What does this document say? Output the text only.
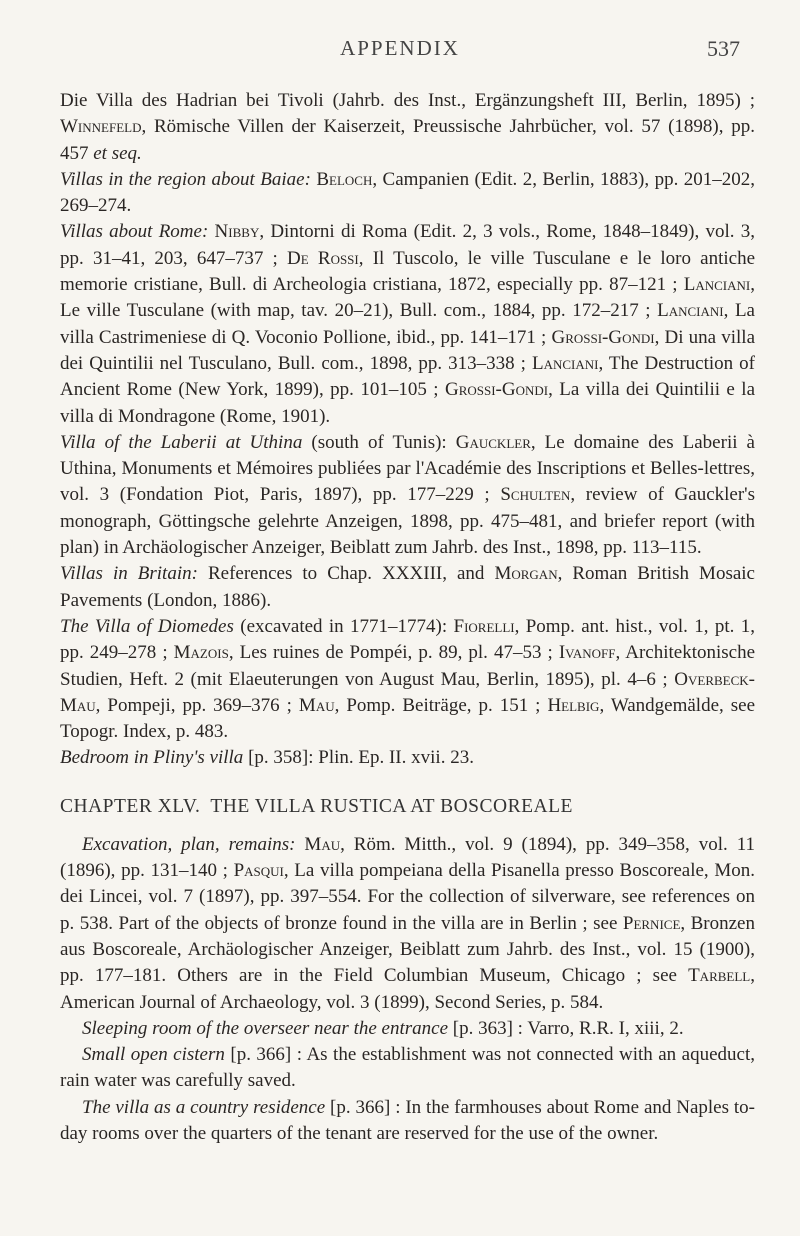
APPENDIX	537

Die Villa des Hadrian bei Tivoli (Jahrb. des Inst., Ergänzungsheft III, Berlin, 1895) ; Winnefeld, Römische Villen der Kaiserzeit, Preussische Jahrbücher, vol. 57 (1898), pp. 457 et seq.

Villas in the region about Baiae: Beloch, Campanien (Edit. 2, Berlin, 1883), pp. 201–202, 269–274.

Villas about Rome: Nibby, Dintorni di Roma (Edit. 2, 3 vols., Rome, 1848–1849), vol. 3, pp. 31–41, 203, 647–737 ; De Rossi, Il Tuscolo, le ville Tusculane e le loro antiche memorie cristiane, Bull. di Archeologia cristiana, 1872, especially pp. 87–121 ; Lanciani, Le ville Tusculane (with map, tav. 20–21), Bull. com., 1884, pp. 172–217 ; Lanciani, La villa Castrimeniese di Q. Voconio Pollione, ibid., pp. 141–171 ; Grossi-Gondi, Di una villa dei Quintilii nel Tusculano, Bull. com., 1898, pp. 313–338 ; Lanciani, The Destruction of Ancient Rome (New York, 1899), pp. 101–105 ; Grossi-Gondi, La villa dei Quintilii e la villa di Mondragone (Rome, 1901).

Villa of the Laberii at Uthina (south of Tunis): Gauckler, Le domaine des Laberii à Uthina, Monuments et Mémoires publiées par l'Académie des Inscriptions et Belles-lettres, vol. 3 (Fondation Piot, Paris, 1897), pp. 177–229 ; Schulten, review of Gauckler's monograph, Göttingsche gelehrte Anzeigen, 1898, pp. 475–481, and briefer report (with plan) in Archäologischer Anzeiger, Beiblatt zum Jahrb. des Inst., 1898, pp. 113–115.

Villas in Britain: References to Chap. XXXIII, and Morgan, Roman British Mosaic Pavements (London, 1886).

The Villa of Diomedes (excavated in 1771–1774): Fiorelli, Pomp. ant. hist., vol. 1, pt. 1, pp. 249–278 ; Mazois, Les ruines de Pompéi, p. 89, pl. 47–53 ; Ivanoff, Architektonische Studien, Heft. 2 (mit Elaeuterungen von August Mau, Berlin, 1895), pl. 4–6 ; Overbeck-Mau, Pompeji, pp. 369–376 ; Mau, Pomp. Beiträge, p. 151 ; Helbig, Wandgemälde, see Topogr. Index, p. 483.

Bedroom in Pliny's villa [p. 358]: Plin. Ep. II. xvii. 23.

CHAPTER XLV. THE VILLA RUSTICA AT BOSCOREALE

Excavation, plan, remains: Mau, Röm. Mitth., vol. 9 (1894), pp. 349–358, vol. 11 (1896), pp. 131–140 ; Pasqui, La villa pompeiana della Pisanella presso Boscoreale, Mon. dei Lincei, vol. 7 (1897), pp. 397–554. For the collection of silverware, see references on p. 538. Part of the objects of bronze found in the villa are in Berlin ; see Pernice, Bronzen aus Boscoreale, Archäologischer Anzeiger, Beiblatt zum Jahrb. des Inst., vol. 15 (1900), pp. 177–181. Others are in the Field Columbian Museum, Chicago ; see Tarbell, American Journal of Archaeology, vol. 3 (1899), Second Series, p. 584.

Sleeping room of the overseer near the entrance [p. 363] : Varro, R.R. I, xiii, 2.

Small open cistern [p. 366] : As the establishment was not connected with an aqueduct, rain water was carefully saved.

The villa as a country residence [p. 366] : In the farmhouses about Rome and Naples to-day rooms over the quarters of the tenant are reserved for the use of the owner.
